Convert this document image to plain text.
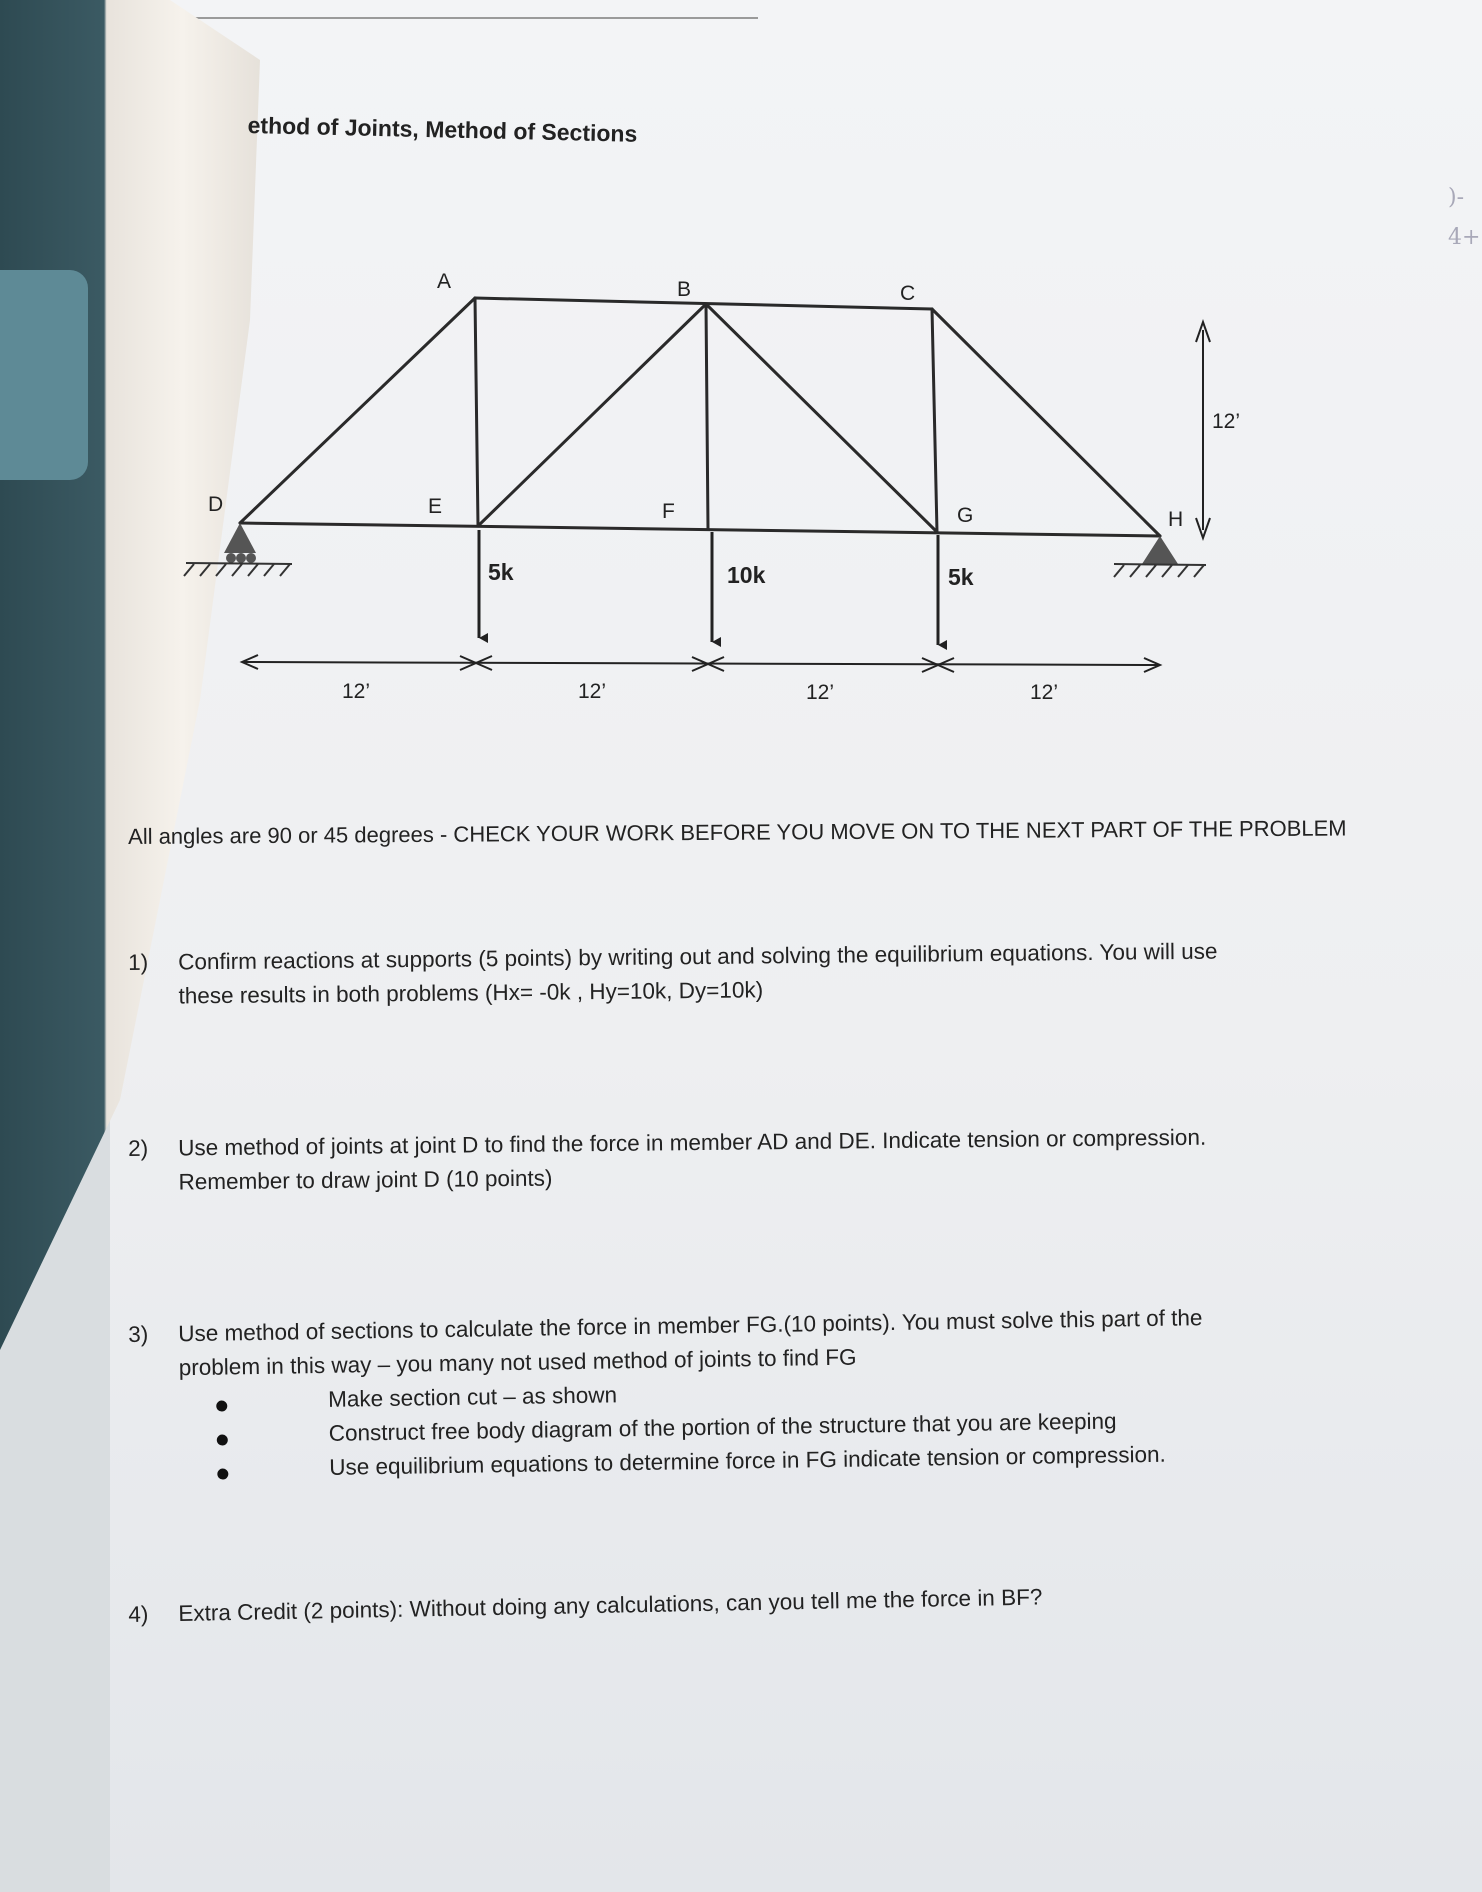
)‑
4+
ethod of Joints, Method of Sections
A	B	C
D	E	F	G	H
5k	10k	5k
12’
12’	12’	12’	12’
All angles are 90 or 45 degrees - CHECK YOUR WORK BEFORE YOU MOVE ON TO THE NEXT PART OF THE PROBLEM
1)	Confirm reactions at supports (5 points) by writing out and solving the equilibrium equations. You will use
these results in both problems (Hx= -0k , Hy=10k, Dy=10k)
2)	Use method of joints at joint D to find the force in member AD and DE. Indicate tension or compression.
Remember to draw joint D (10 points)
3)	Use method of sections to calculate the force in member FG.(10 points). You must solve this part of the
problem in this way – you many not used method of joints to find FG
Make section cut – as shown
Construct free body diagram of the portion of the structure that you are keeping
Use equilibrium equations to determine force in FG indicate tension or compression.
4)	Extra Credit (2 points): Without doing any calculations, can you tell me the force in BF?
